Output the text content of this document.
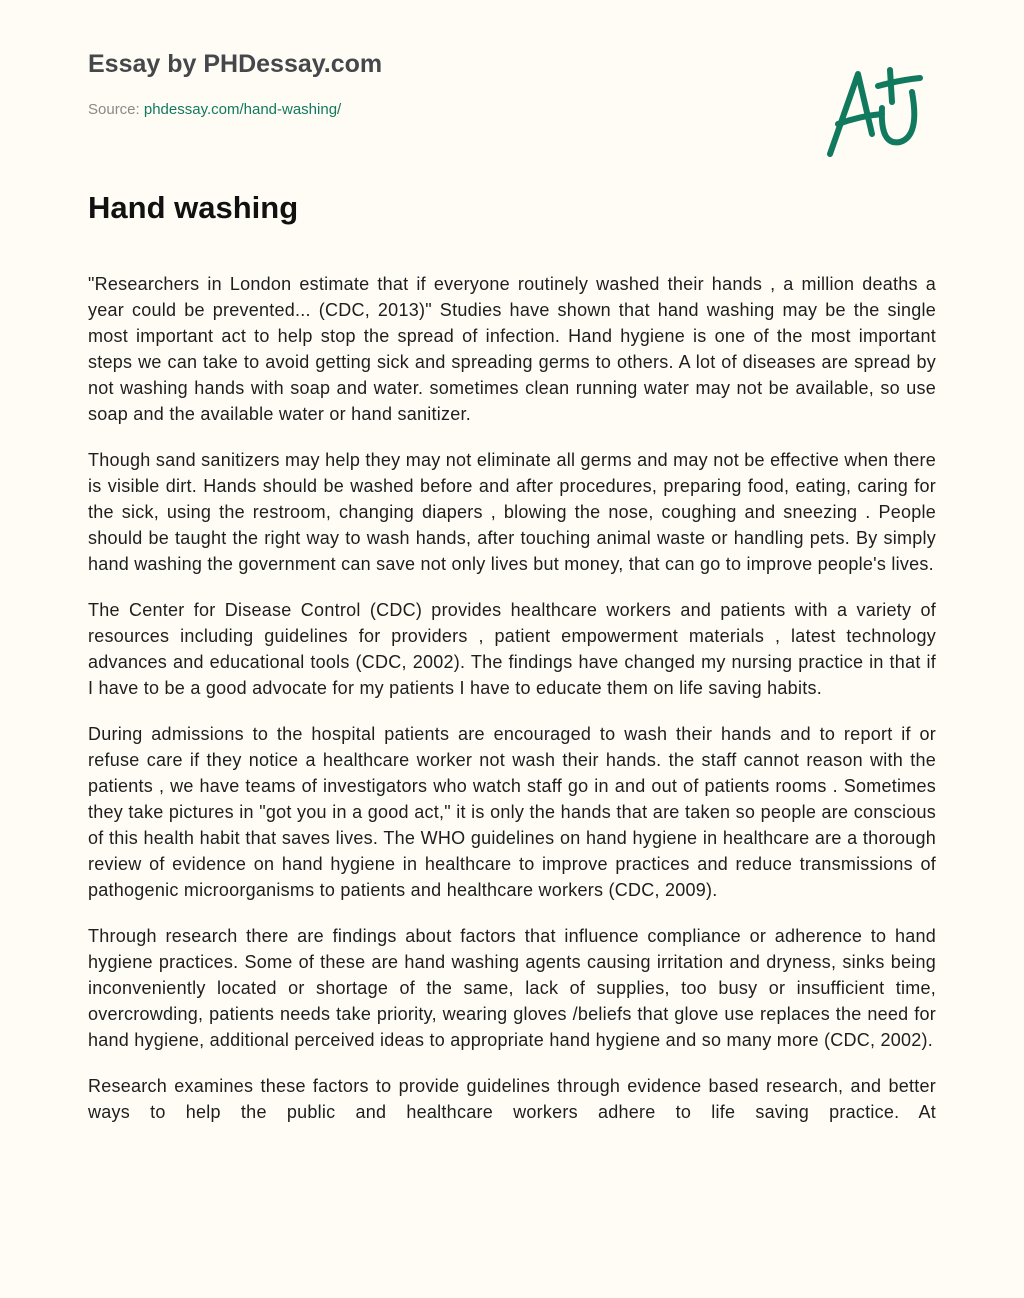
Essay by PHDessay.com
Source: phdessay.com/hand-washing/
Hand washing

"Researchers in London estimate that if everyone routinely washed their hands , a million deaths a year could be prevented... (CDC, 2013)" Studies have shown that hand washing may be the single most important act to help stop the spread of infection. Hand hygiene is one of the most important steps we can take to avoid getting sick and spreading germs to others. A lot of diseases are spread by not washing hands with soap and water. sometimes clean running water may not be available, so use soap and the available water or hand sanitizer.

Though sand sanitizers may help they may not eliminate all germs and may not be effective when there is visible dirt. Hands should be washed before and after procedures, preparing food, eating, caring for the sick, using the restroom, changing diapers , blowing the nose, coughing and sneezing . People should be taught the right way to wash hands, after touching animal waste or handling pets. By simply hand washing the government can save not only lives but money, that can go to improve people's lives.

The Center for Disease Control (CDC) provides healthcare workers and patients with a variety of resources including guidelines for providers , patient empowerment materials , latest technology advances and educational tools (CDC, 2002). The findings have changed my nursing practice in that if I have to be a good advocate for my patients I have to educate them on life saving habits.

During admissions to the hospital patients are encouraged to wash their hands and to report if or refuse care if they notice a healthcare worker not wash their hands. the staff cannot reason with the patients , we have teams of investigators who watch staff go in and out of patients rooms . Sometimes they take pictures in "got you in a good act," it is only the hands that are taken so people are conscious of this health habit that saves lives. The WHO guidelines on hand hygiene in healthcare are a thorough review of evidence on hand hygiene in healthcare to improve practices and reduce transmissions of pathogenic microorganisms to patients and healthcare workers (CDC, 2009).

Through research there are findings about factors that influence compliance or adherence to hand hygiene practices. Some of these are hand washing agents causing irritation and dryness, sinks being inconveniently located or shortage of the same, lack of supplies, too busy or insufficient time, overcrowding, patients needs take priority, wearing gloves /beliefs that glove use replaces the need for hand hygiene, additional perceived ideas to appropriate hand hygiene and so many more (CDC, 2002).

Research examines these factors to provide guidelines through evidence based research, and better ways to help the public and healthcare workers adhere to life saving practice. At
